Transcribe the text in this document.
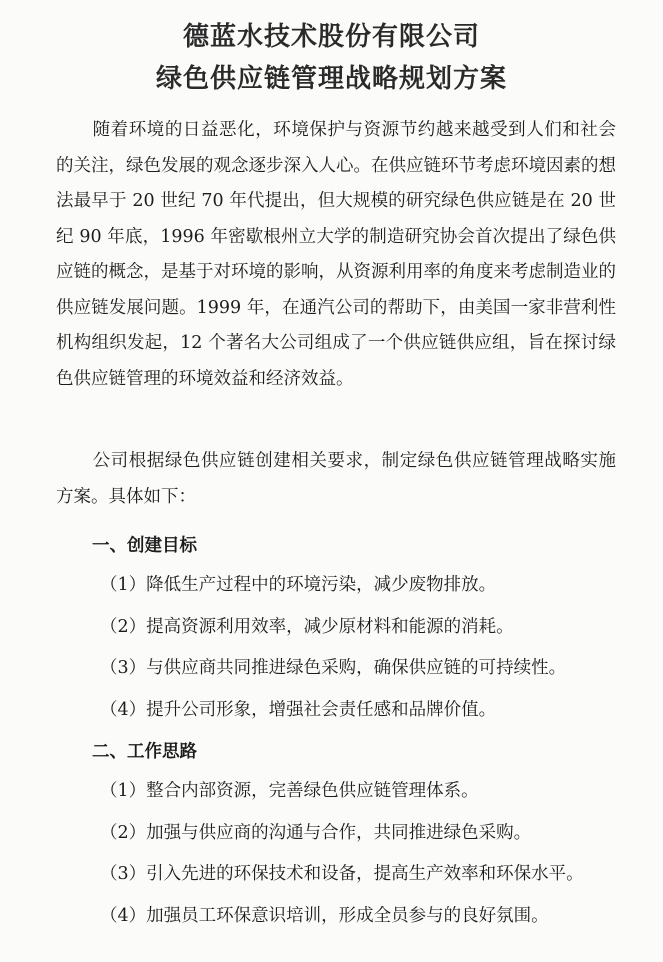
德蓝水技术股份有限公司
绿色供应链管理战略规划方案

随着环境的日益恶化，环境保护与资源节约越来越受到人们和社会的关注，绿色发展的观念逐步深入人心。在供应链环节考虑环境因素的想法最早于 20 世纪 70 年代提出，但大规模的研究绿色供应链是在 20 世纪 90 年底，1996 年密歇根州立大学的制造研究协会首次提出了绿色供应链的概念，是基于对环境的影响，从资源利用率的角度来考虑制造业的供应链发展问题。1999 年，在通汽公司的帮助下，由美国一家非营利性机构组织发起，12 个著名大公司组成了一个供应链供应组，旨在探讨绿色供应链管理的环境效益和经济效益。

公司根据绿色供应链创建相关要求，制定绿色供应链管理战略实施方案。具体如下：

一、创建目标
（1）降低生产过程中的环境污染，减少废物排放。
（2）提高资源利用效率，减少原材料和能源的消耗。
（3）与供应商共同推进绿色采购，确保供应链的可持续性。
（4）提升公司形象，增强社会责任感和品牌价值。
二、工作思路
（1）整合内部资源，完善绿色供应链管理体系。
（2）加强与供应商的沟通与合作，共同推进绿色采购。
（3）引入先进的环保技术和设备，提高生产效率和环保水平。
（4）加强员工环保意识培训，形成全员参与的良好氛围。
